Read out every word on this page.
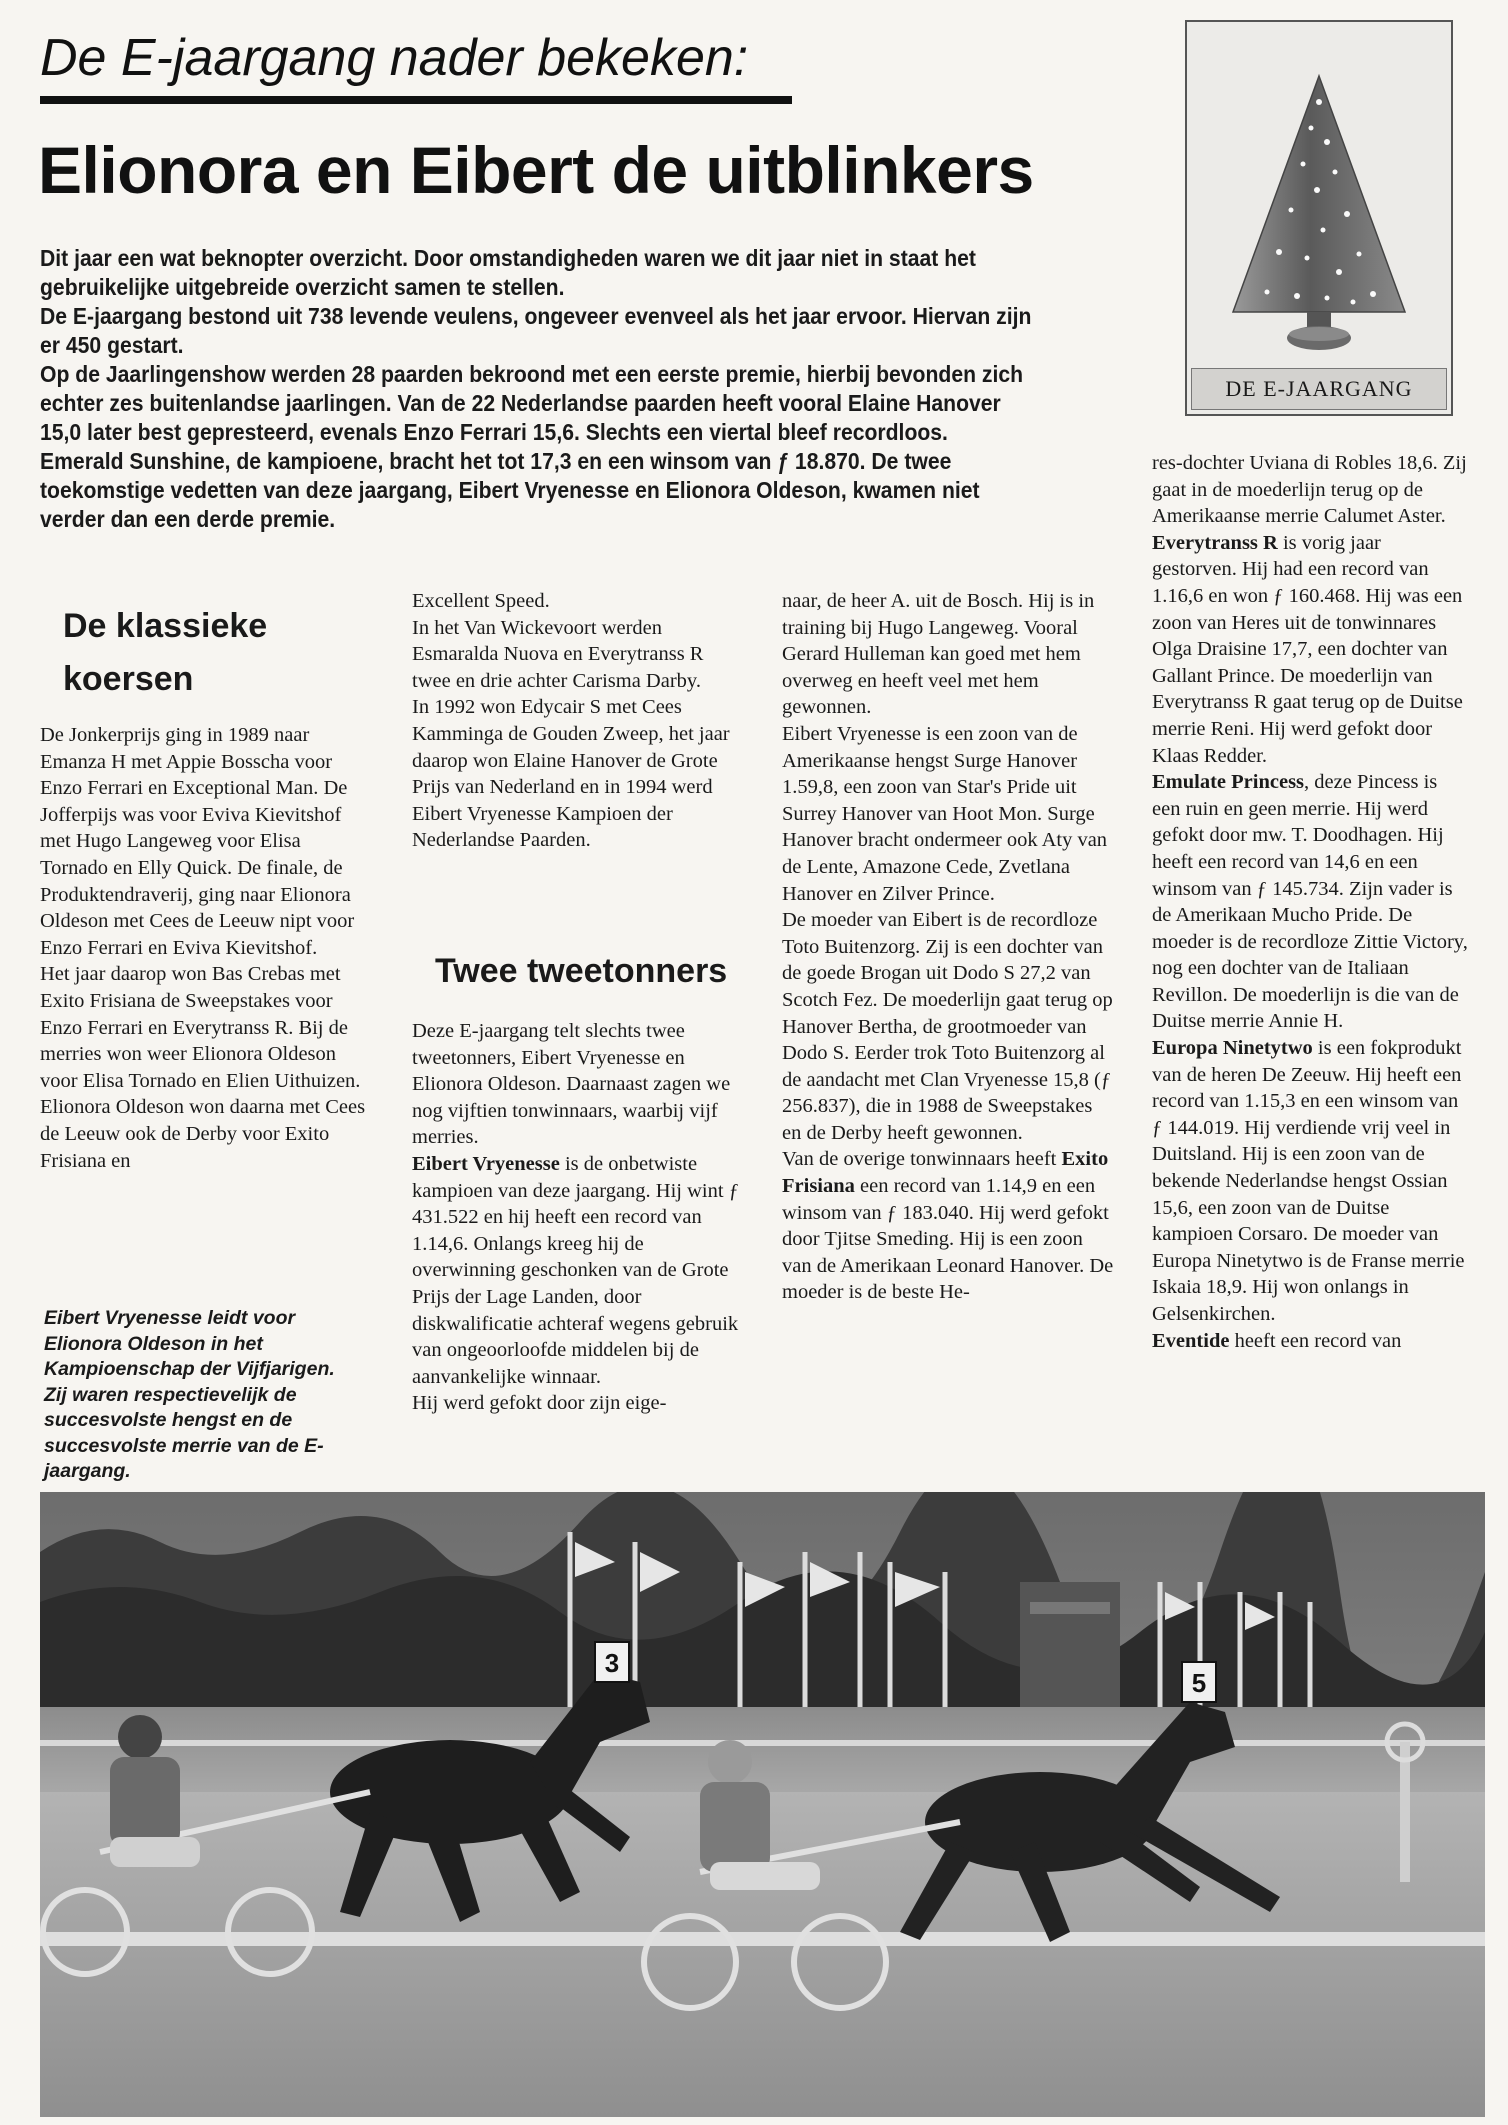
De E-jaargang nader bekeken:
Elionora en Eibert de uitblinkers

Dit jaar een wat beknopter overzicht. Door omstandigheden waren we dit jaar niet in staat het gebruikelijke uitgebreide overzicht samen te stellen.

De E-jaargang bestond uit 738 levende veulens, ongeveer evenveel als het jaar ervoor. Hiervan zijn er 450 gestart.

Op de Jaarlingenshow werden 28 paarden bekroond met een eerste premie, hierbij bevonden zich echter zes buitenlandse jaarlingen. Van de 22 Nederlandse paarden heeft vooral Elaine Hanover 15,0 later best gepresteerd, evenals Enzo Ferrari 15,6. Slechts een viertal bleef recordloos. Emerald Sunshine, de kampioene, bracht het tot 17,3 en een winsom van ƒ 18.870. De twee toekomstige vedetten van deze jaargang, Eibert Vryenesse en Elionora Oldeson, kwamen niet verder dan een derde premie.

DE E-JAARGANG
De klassieke koersen

De Jonkerprijs ging in 1989 naar Emanza H met Appie Bosscha voor Enzo Ferrari en Exceptional Man. De Jofferpijs was voor Eviva Kievitshof met Hugo Langeweg voor Elisa Tornado en Elly Quick. De finale, de Produktendraverij, ging naar Elionora Oldeson met Cees de Leeuw nipt voor Enzo Ferrari en Eviva Kievitshof.

Het jaar daarop won Bas Crebas met Exito Frisiana de Sweepstakes voor Enzo Ferrari en Everytranss R. Bij de merries won weer Elionora Oldeson voor Elisa Tornado en Elien Uithuizen. Elionora Oldeson won daarna met Cees de Leeuw ook de Derby voor Exito Frisiana en

Eibert Vryenesse leidt voor Elionora Oldeson in het Kampioenschap der Vijfjarigen. Zij waren respectievelijk de succesvolste hengst en de succesvolste merrie van de E-jaargang.

Excellent Speed.

In het Van Wickevoort werden Esmaralda Nuova en Everytranss R twee en drie achter Carisma Darby.

In 1992 won Edycair S met Cees Kamminga de Gouden Zweep, het jaar daarop won Elaine Hanover de Grote Prijs van Nederland en in 1994 werd Eibert Vryenesse Kampioen der Nederlandse Paarden.

Twee tweetonners

Deze E-jaargang telt slechts twee tweetonners, Eibert Vryenesse en Elionora Oldeson. Daarnaast zagen we nog vijftien tonwinnaars, waarbij vijf merries.

Eibert Vryenesse is de onbetwiste kampioen van deze jaargang. Hij wint ƒ 431.522 en hij heeft een record van 1.14,6. Onlangs kreeg hij de overwinning geschonken van de Grote Prijs der Lage Landen, door diskwalificatie achteraf wegens gebruik van ongeoorloofde middelen bij de aanvankelijke winnaar.

Hij werd gefokt door zijn eige-

naar, de heer A. uit de Bosch. Hij is in training bij Hugo Langeweg. Vooral Gerard Hulleman kan goed met hem overweg en heeft veel met hem gewonnen.

Eibert Vryenesse is een zoon van de Amerikaanse hengst Surge Hanover 1.59,8, een zoon van Star's Pride uit Surrey Hanover van Hoot Mon. Surge Hanover bracht ondermeer ook Aty van de Lente, Amazone Cede, Zvetlana Hanover en Zilver Prince.

De moeder van Eibert is de recordloze Toto Buitenzorg. Zij is een dochter van de goede Brogan uit Dodo S 27,2 van Scotch Fez. De moederlijn gaat terug op Hanover Bertha, de grootmoeder van Dodo S. Eerder trok Toto Buitenzorg al de aandacht met Clan Vryenesse 15,8 (ƒ 256.837), die in 1988 de Sweepstakes en de Derby heeft gewonnen.

Van de overige tonwinnaars heeft Exito Frisiana een record van 1.14,9 en een winsom van ƒ 183.040. Hij werd gefokt door Tjitse Smeding. Hij is een zoon van de Amerikaan Leonard Hanover. De moeder is de beste He-

res-dochter Uviana di Robles 18,6. Zij gaat in de moederlijn terug op de Amerikaanse merrie Calumet Aster.

Everytranss R is vorig jaar gestorven. Hij had een record van 1.16,6 en won ƒ 160.468. Hij was een zoon van Heres uit de tonwinnares Olga Draisine 17,7, een dochter van Gallant Prince. De moederlijn van Everytranss R gaat terug op de Duitse merrie Reni. Hij werd gefokt door Klaas Redder.

Emulate Princess, deze Pincess is een ruin en geen merrie. Hij werd gefokt door mw. T. Doodhagen. Hij heeft een record van 14,6 en een winsom van ƒ 145.734. Zijn vader is de Amerikaan Mucho Pride. De moeder is de recordloze Zittie Victory, nog een dochter van de Italiaan Revillon. De moederlijn is die van de Duitse merrie Annie H.

Europa Ninetytwo is een fokprodukt van de heren De Zeeuw. Hij heeft een record van 1.15,3 en een winsom van ƒ 144.019. Hij verdiende vrij veel in Duitsland. Hij is een zoon van de bekende Nederlandse hengst Ossian 15,6, een zoon van de Duitse kampioen Corsaro. De moeder van Europa Ninetytwo is de Franse merrie Iskaia 18,9. Hij won onlangs in Gelsenkirchen.

Eventide heeft een record van

3
5
